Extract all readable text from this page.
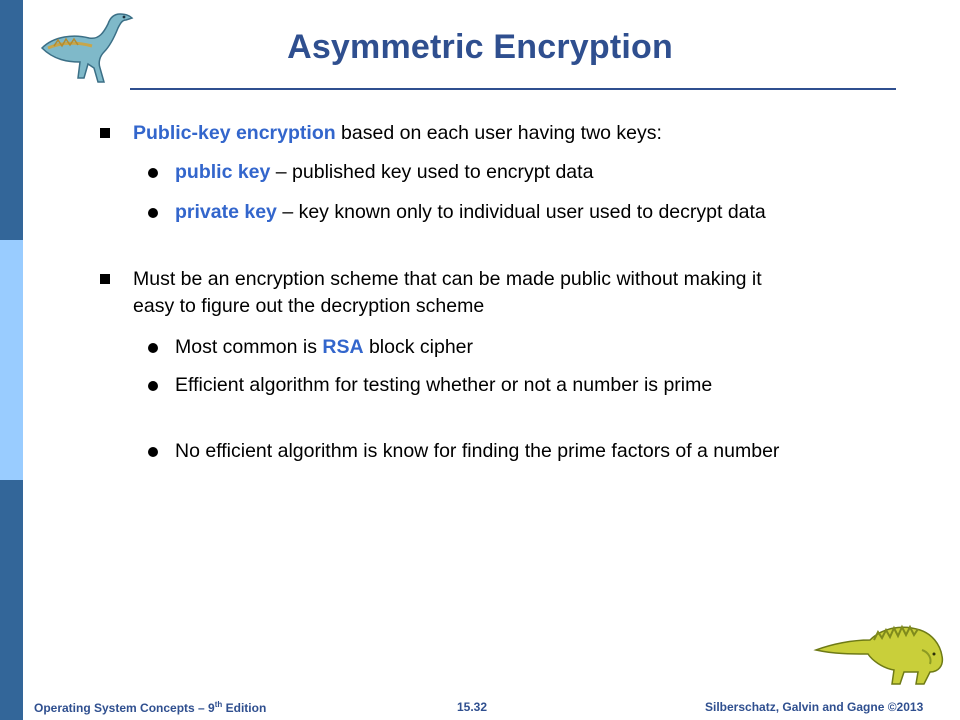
Asymmetric Encryption
Public-key encryption based on each user having two keys:
public key – published key used to encrypt data
private key – key known only to individual user used to decrypt data
Must be an encryption scheme that can be made public without making it easy to figure out the decryption scheme
Most common is RSA block cipher
Efficient algorithm for testing whether or not a number is prime
No efficient algorithm is know for finding the prime factors of a number
Operating System Concepts – 9th Edition	15.32	Silberschatz, Galvin and Gagne ©2013
